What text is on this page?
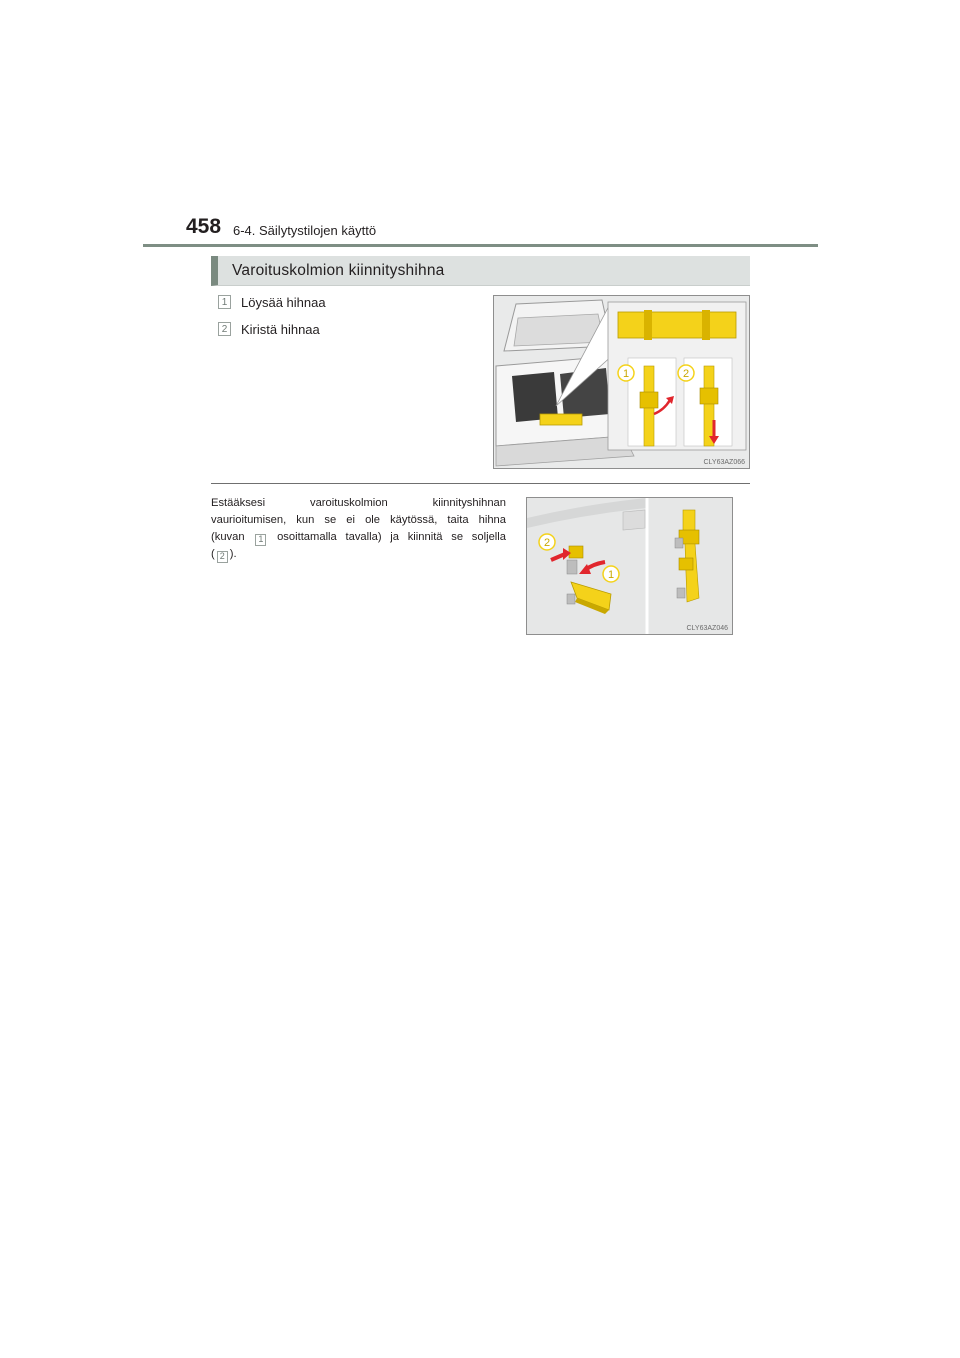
458 6-4. Säilytystilojen käyttö
Varoituskolmion kiinnityshihna
1 Löysää hihnaa
2 Kiristä hihnaa
1	2
CLY63AZ066
Estääksesi varoituskolmion kiinnityshihnan
vaurioitumisen, kun se ei ole käytössä, taita hihna
(kuvan 1 osoittamalla tavalla) ja kiinnitä se soljella
( 2 ).
2
1
CLY63AZ046
